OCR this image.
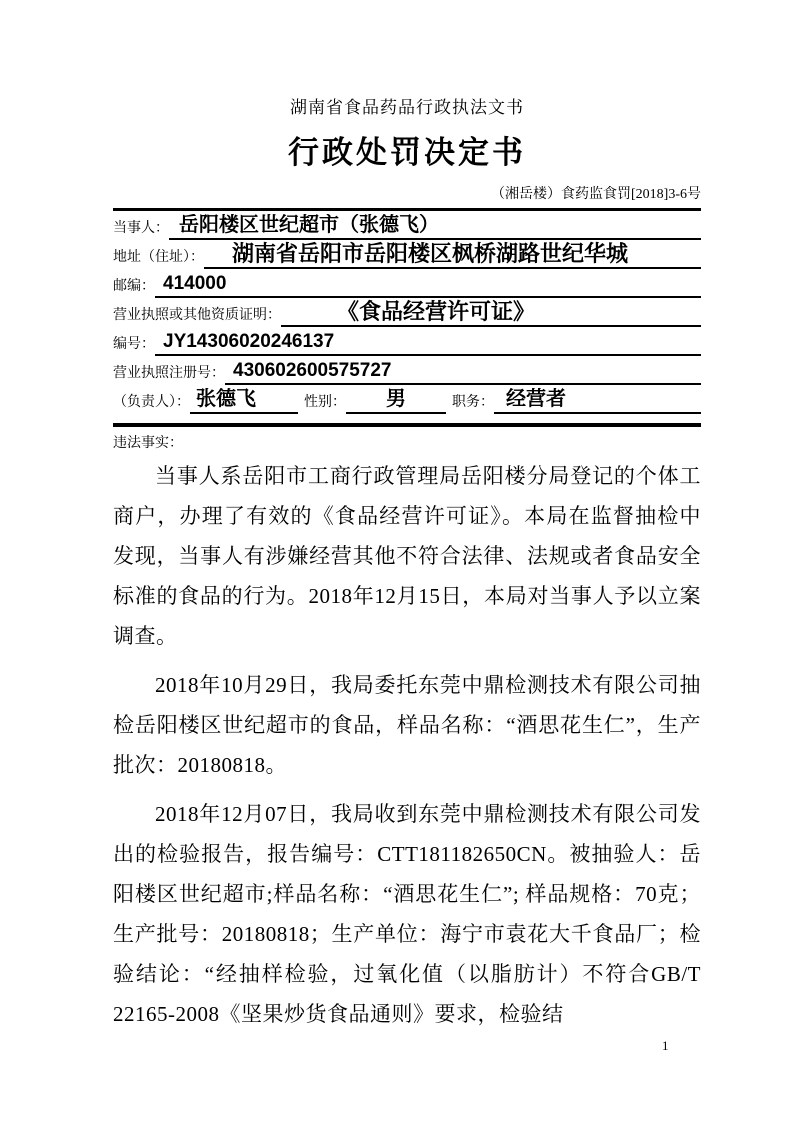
湖南省食品药品行政执法文书
行政处罚决定书
（湘岳楼）食药监食罚[2018]3-6号
当事人： 岳阳楼区世纪超市（张德飞）
地址（住址）：	湖南省岳阳市岳阳楼区枫桥湖路世纪华城
邮编： 414000
营业执照或其他资质证明：	《食品经营许可证》
编号： JY14306020246137
营业执照注册号： 430602600575727
（负责人）： 张德飞	性别：	男	职务： 经营者
违法事实：

当事人系岳阳市工商行政管理局岳阳楼分局登记的个体工商户，办理了有效的《食品经营许可证》。本局在监督抽检中发现，当事人有涉嫌经营其他不符合法律、法规或者食品安全标准的食品的行为。2018年12月15日，本局对当事人予以立案调查。

2018年10月29日，我局委托东莞中鼎检测技术有限公司抽检岳阳楼区世纪超市的食品，样品名称：“酒思花生仁”，生产批次：20180818。

2018年12月07日，我局收到东莞中鼎检测技术有限公司发出的检验报告，报告编号：CTT181182650CN。被抽验人：岳阳楼区世纪超市;样品名称：“酒思花生仁”; 样品规格：70克；生产批号：20180818；生产单位：海宁市袁花大千食品厂；检验结论：“经抽样检验，过氧化值（以脂肪计）不符合GB/T 22165-2008《坚果炒货食品通则》要求，检验结

1
